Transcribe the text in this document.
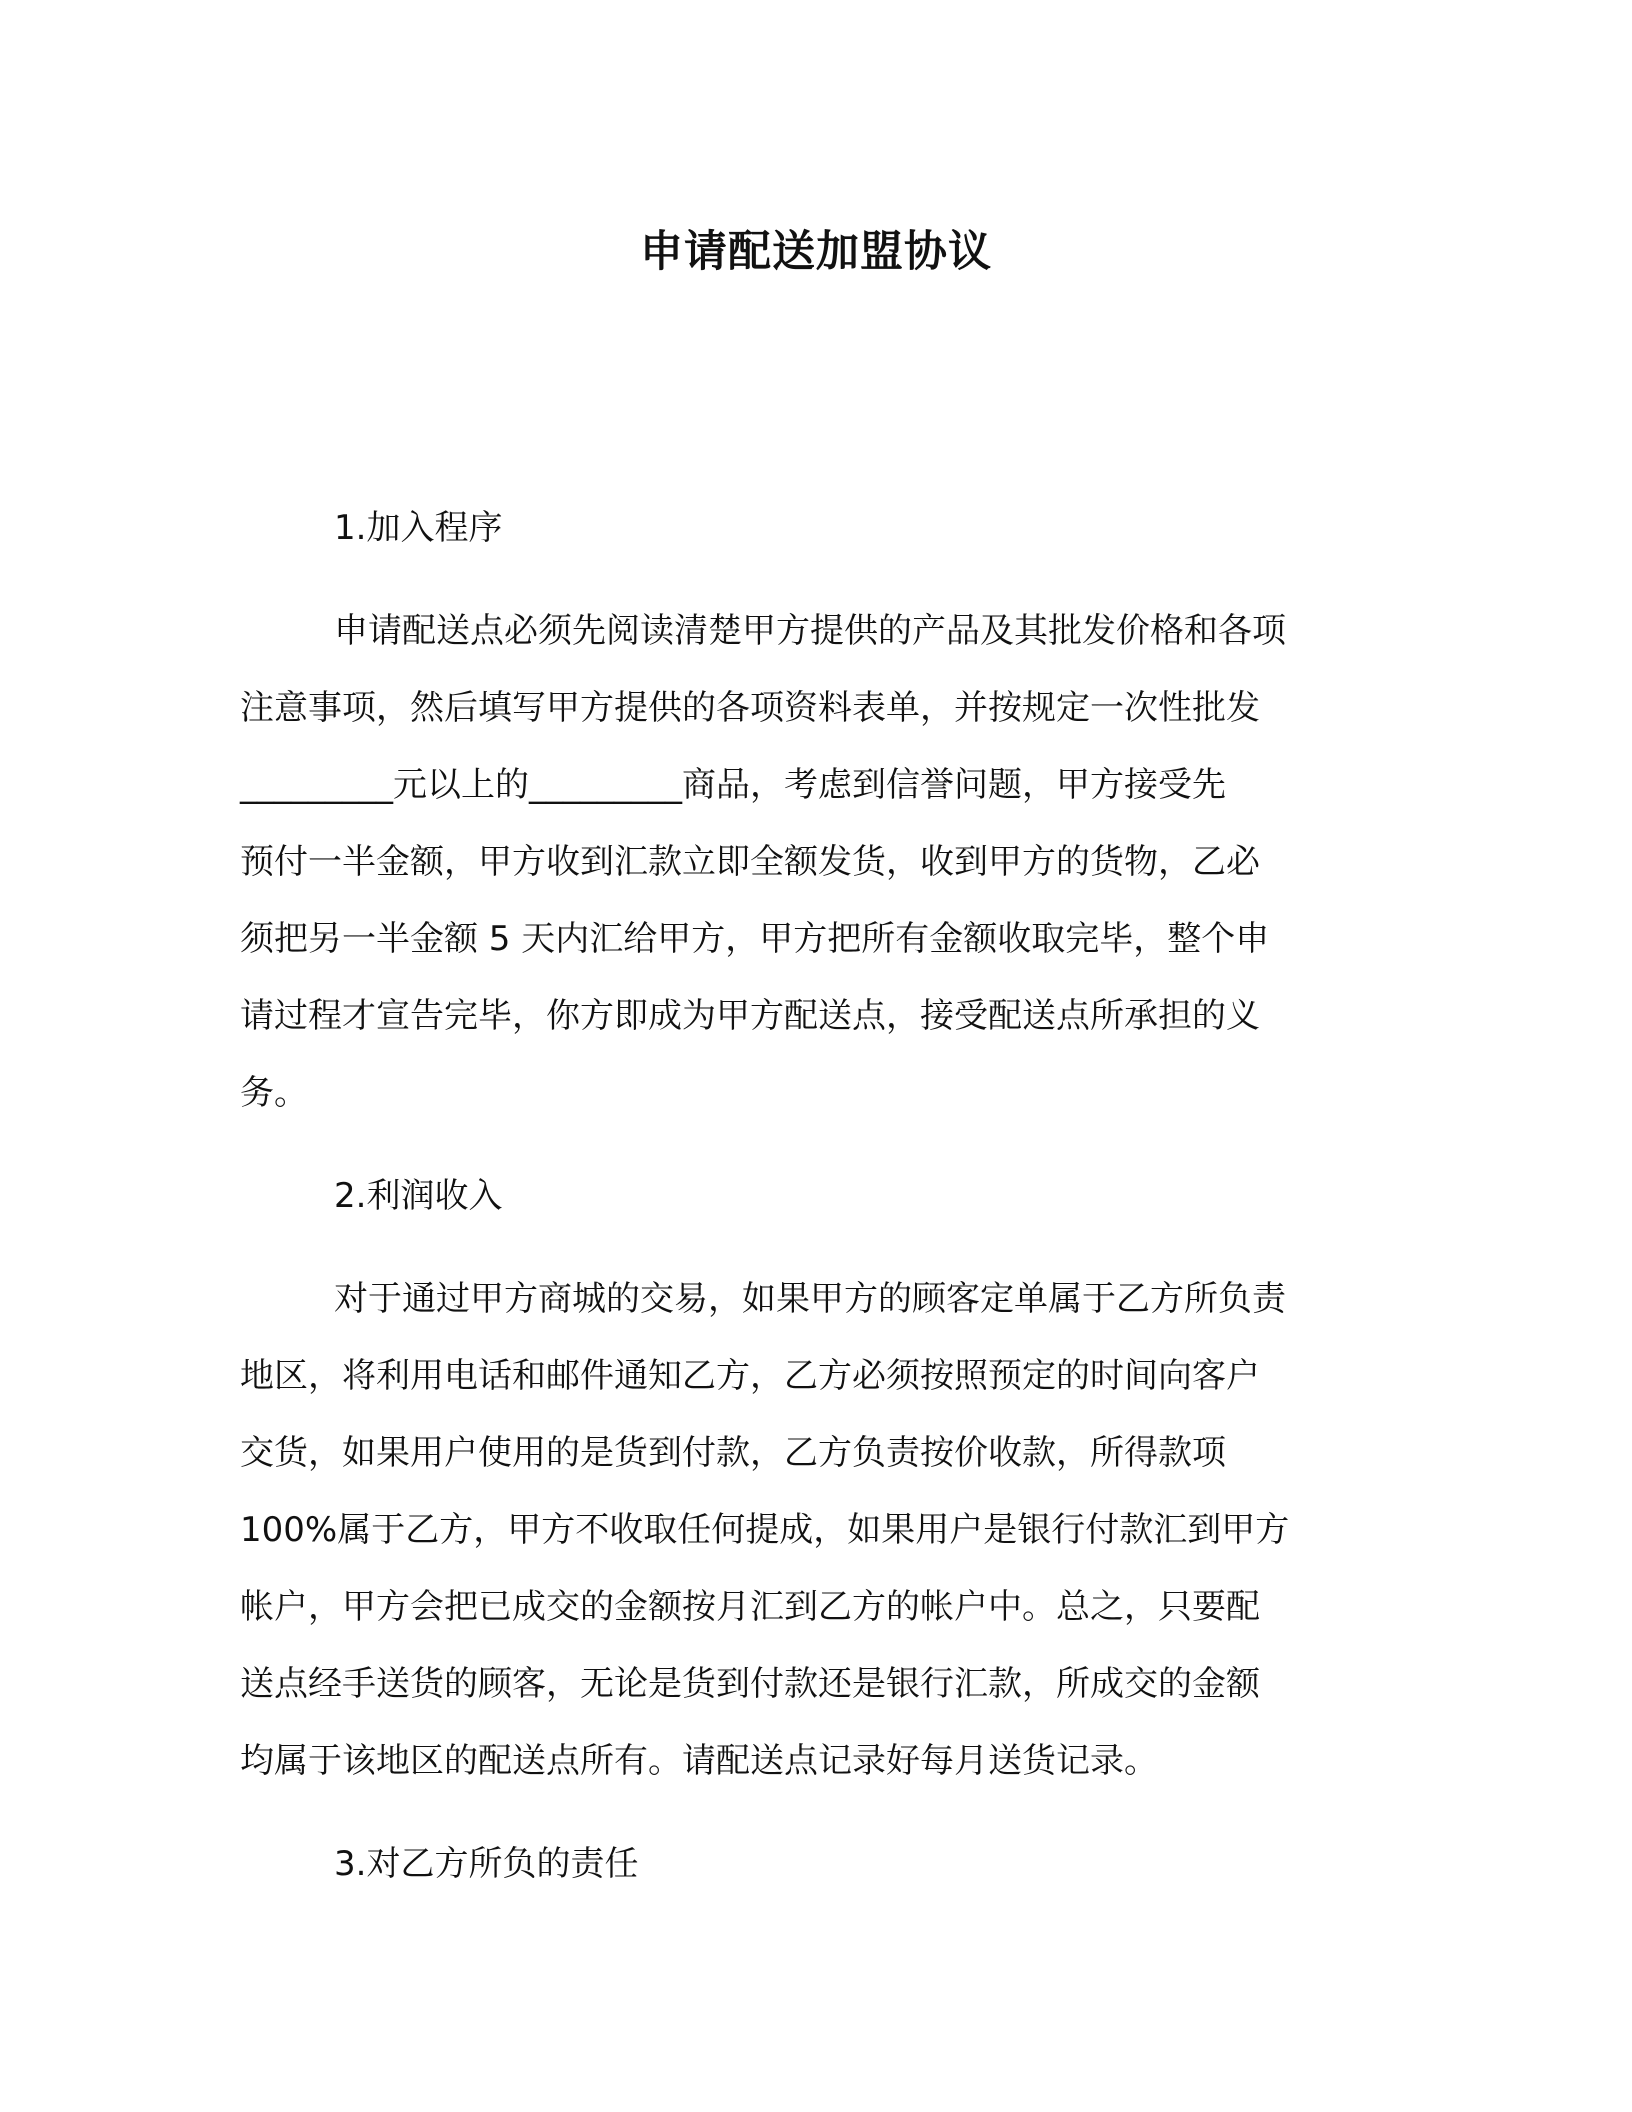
申请配送加盟协议
1.加入程序
申请配送点必须先阅读清楚甲方提供的产品及其批发价格和各项
注意事项，然后填写甲方提供的各项资料表单，并按规定一次性批发
_________元以上的_________商品，考虑到信誉问题，甲方接受先
预付一半金额，甲方收到汇款立即全额发货，收到甲方的货物，乙必
须把另一半金额 5 天内汇给甲方，甲方把所有金额收取完毕，整个申
请过程才宣告完毕，你方即成为甲方配送点，接受配送点所承担的义
务。
2.利润收入
对于通过甲方商城的交易，如果甲方的顾客定单属于乙方所负责
地区，将利用电话和邮件通知乙方，乙方必须按照预定的时间向客户
交货，如果用户使用的是货到付款，乙方负责按价收款，所得款项
100%属于乙方，甲方不收取任何提成，如果用户是银行付款汇到甲方
帐户，甲方会把已成交的金额按月汇到乙方的帐户中。总之，只要配
送点经手送货的顾客，无论是货到付款还是银行汇款，所成交的金额
均属于该地区的配送点所有。请配送点记录好每月送货记录。
3.对乙方所负的责任
